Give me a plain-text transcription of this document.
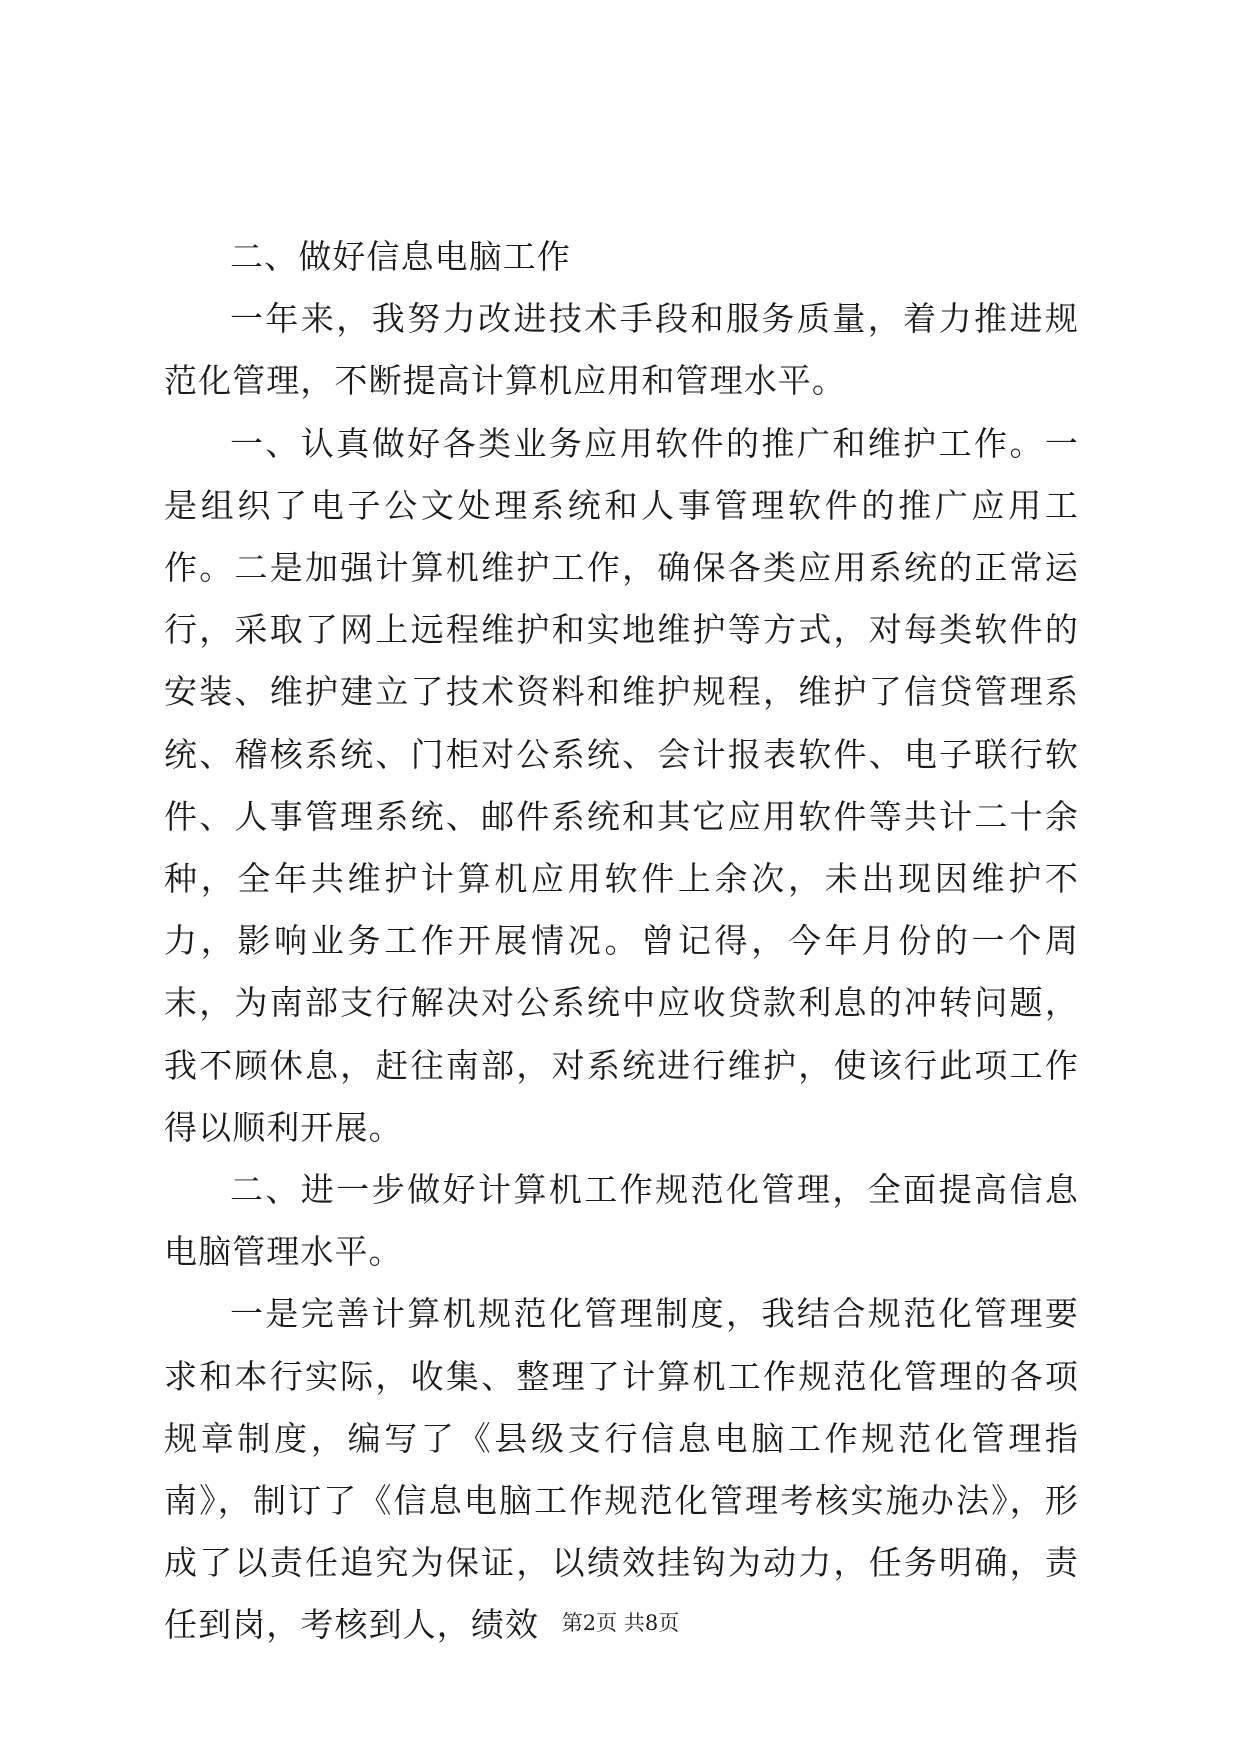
二、做好信息电脑工作

一年来，我努力改进技术手段和服务质量，着力推进规范化管理，不断提高计算机应用和管理水平。

一、认真做好各类业务应用软件的推广和维护工作。一是组织了电子公文处理系统和人事管理软件的推广应用工作。二是加强计算机维护工作，确保各类应用系统的正常运行，采取了网上远程维护和实地维护等方式，对每类软件的安装、维护建立了技术资料和维护规程，维护了信贷管理系统、稽核系统、门柜对公系统、会计报表软件、电子联行软件、人事管理系统、邮件系统和其它应用软件等共计二十余种，全年共维护计算机应用软件上余次，未出现因维护不力，影响业务工作开展情况。曾记得，今年月份的一个周末，为南部支行解决对公系统中应收贷款利息的冲转问题，我不顾休息，赶往南部，对系统进行维护，使该行此项工作得以顺利开展。

二、进一步做好计算机工作规范化管理，全面提高信息电脑管理水平。

一是完善计算机规范化管理制度，我结合规范化管理要求和本行实际，收集、整理了计算机工作规范化管理的各项规章制度，编写了《县级支行信息电脑工作规范化管理指南》，制订了《信息电脑工作规范化管理考核实施办法》，形成了以责任追究为保证，以绩效挂钩为动力，任务明确，责任到岗，考核到人，绩效	第2页 共8页
